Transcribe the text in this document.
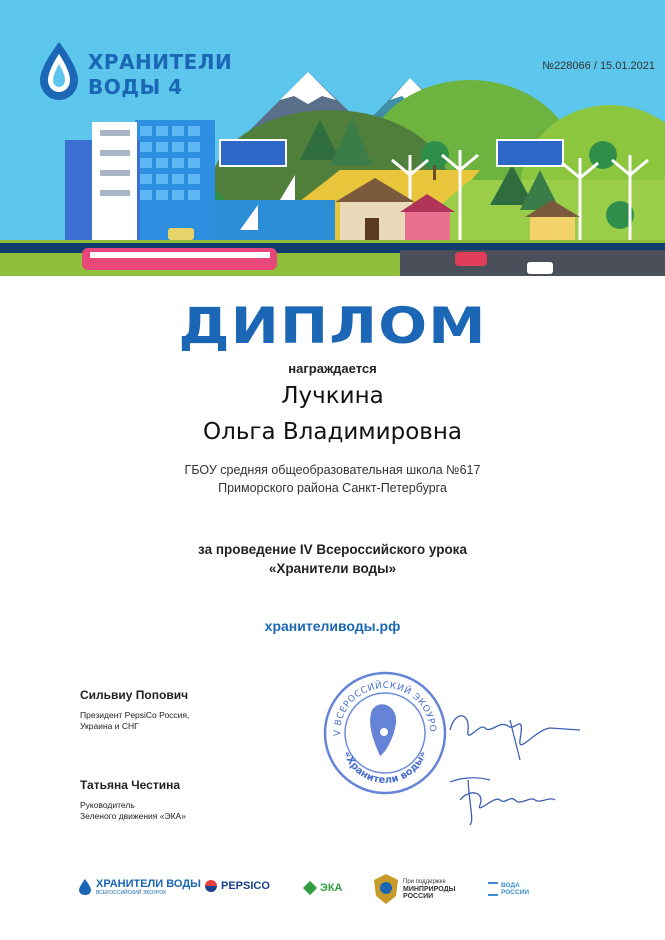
ХРАНИТЕЛИ
ВОДЫ 4
№228066 / 15.01.2021
ДИПЛОМ
награждается
Лучкина
Ольга Владимировна
ГБОУ средняя общеобразовательная школа №617
Приморского района Санкт-Петербурга
за проведение IV Всероссийского урока
«Хранители воды»
хранителиводы.рф
Сильвиу Попович
Президент PepsiCo Россия,
Украина и СНГ
Татьяна Честина
Руководитель
Зеленого движения «ЭКА»
V ВСЕРОССИЙСКИЙ ЭКОУРО
«Хранители воды»
ХРАНИТЕЛИ ВОДЫ
ВСЕРОССИЙСКИЙ ЭКОУРОК
PEPSICO	ЭКА
При поддержке
МИНПРИРОДЫ
РОССИИ
ВОДА
РОССИИ
